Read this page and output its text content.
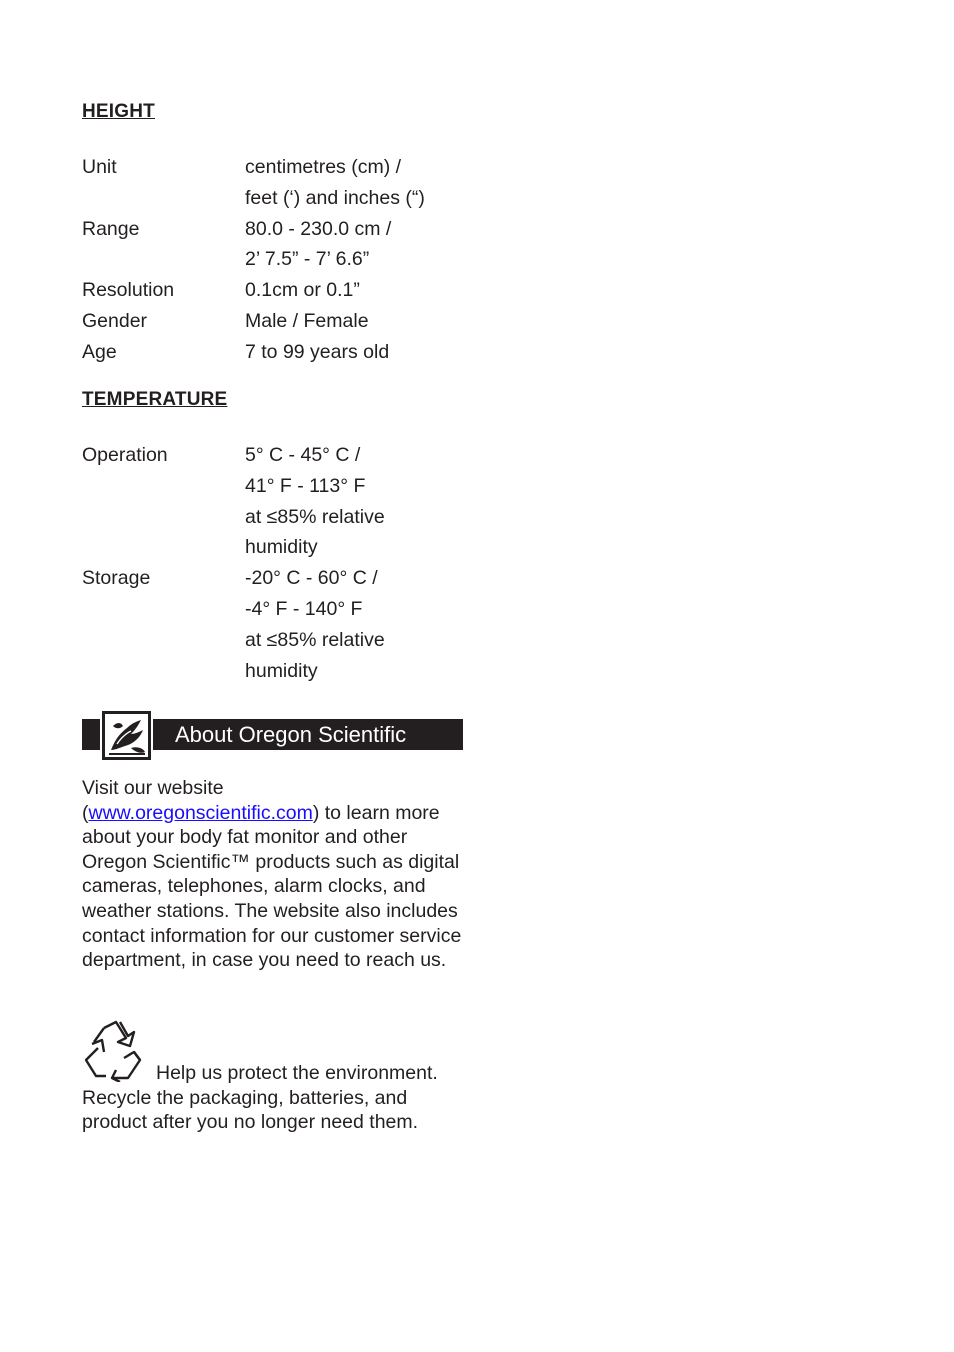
HEIGHT
Unit	centimetres (cm) /
feet (‘) and inches (“)
Range	80.0 - 230.0 cm /
2’ 7.5” - 7’ 6.6”
Resolution	0.1cm or 0.1”
Gender	Male / Female
Age	7 to 99 years old
TEMPERATURE
Operation	5° C - 45° C /
41° F - 113° F
at ≤85% relative
humidity
Storage	-20° C - 60° C /
-4° F - 140° F
at ≤85% relative
humidity
About Oregon Scientific
Visit our website (www.oregonscientific.com) to learn more about your body fat monitor and other Oregon Scientific™ products such as digital cameras, telephones, alarm clocks, and weather stations. The website also includes contact information for our customer service department, in case you need to reach us.
Help us protect the environment.
Recycle the packaging, batteries, and product after you no longer need them.
